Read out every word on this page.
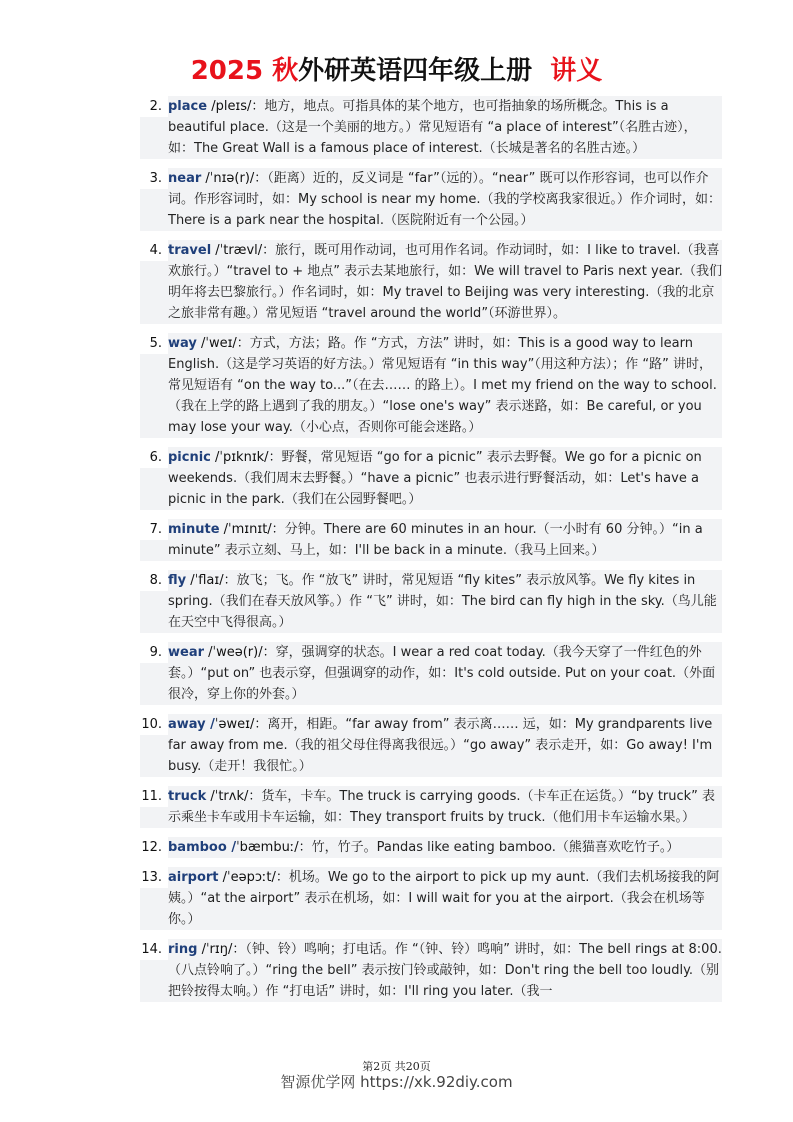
2025 秋外研英语四年级上册 讲义
2. place /pleɪs/：地方，地点。可指具体的某个地方，也可指抽象的场所概念。This is a beautiful place.（这是一个美丽的地方。）常见短语有 “a place of interest”（名胜古迹），如：The Great Wall is a famous place of interest.（长城是著名的名胜古迹。）
3. near /ˈnɪə(r)/：（距离）近的，反义词是 “far”（远的）。“near” 既可以作形容词，也可以作介词。作形容词时，如：My school is near my home.（我的学校离我家很近。）作介词时，如：There is a park near the hospital.（医院附近有一个公园。）
4. travel /ˈtrævl/：旅行，既可用作动词，也可用作名词。作动词时，如：I like to travel.（我喜欢旅行。）“travel to + 地点” 表示去某地旅行，如：We will travel to Paris next year.（我们明年将去巴黎旅行。）作名词时，如：My travel to Beijing was very interesting.（我的北京之旅非常有趣。）常见短语 “travel around the world”（环游世界）。
5. way /ˈweɪ/：方式，方法；路。作 “方式，方法” 讲时，如：This is a good way to learn English.（这是学习英语的好方法。）常见短语有 “in this way”（用这种方法）；作 “路” 讲时，常见短语有 “on the way to...”（在去…… 的路上）。I met my friend on the way to school.（我在上学的路上遇到了我的朋友。）“lose one's way” 表示迷路，如：Be careful, or you may lose your way.（小心点，否则你可能会迷路。）
6. picnic /ˈpɪknɪk/：野餐，常见短语 “go for a picnic” 表示去野餐。We go for a picnic on weekends.（我们周末去野餐。）“have a picnic” 也表示进行野餐活动，如：Let's have a picnic in the park.（我们在公园野餐吧。）
7. minute /ˈmɪnɪt/：分钟。There are 60 minutes in an hour.（一小时有 60 分钟。）“in a minute” 表示立刻、马上，如：I'll be back in a minute.（我马上回来。）
8. fly /ˈflaɪ/：放飞；飞。作 “放飞” 讲时，常见短语 “fly kites” 表示放风筝。We fly kites in spring.（我们在春天放风筝。）作 “飞” 讲时，如：The bird can fly high in the sky.（鸟儿能在天空中飞得很高。）
9. wear /ˈweə(r)/：穿，强调穿的状态。I wear a red coat today.（我今天穿了一件红色的外套。）“put on” 也表示穿，但强调穿的动作，如：It's cold outside. Put on your coat.（外面很冷，穿上你的外套。）
10. away /ˈəweɪ/：离开，相距。“far away from” 表示离…… 远，如：My grandparents live far away from me.（我的祖父母住得离我很远。）“go away” 表示走开，如：Go away! I'm busy.（走开！我很忙。）
11. truck /ˈtrʌk/：货车，卡车。The truck is carrying goods.（卡车正在运货。）“by truck” 表示乘坐卡车或用卡车运输，如：They transport fruits by truck.（他们用卡车运输水果。）
12. bamboo /ˈbæmbuː/：竹，竹子。Pandas like eating bamboo.（熊猫喜欢吃竹子。）
13. airport /ˈeəpɔːt/：机场。We go to the airport to pick up my aunt.（我们去机场接我的阿姨。）“at the airport” 表示在机场，如：I will wait for you at the airport.（我会在机场等你。）
14. ring /ˈrɪŋ/：（钟、铃）鸣响；打电话。作 “（钟、铃）鸣响” 讲时，如：The bell rings at 8:00.（八点铃响了。）“ring the bell” 表示按门铃或敲钟，如：Don't ring the bell too loudly.（别把铃按得太响。）作 “打电话” 讲时，如：I'll ring you later.（我一
第2页 共20页
智源优学网 https://xk.92diy.com
